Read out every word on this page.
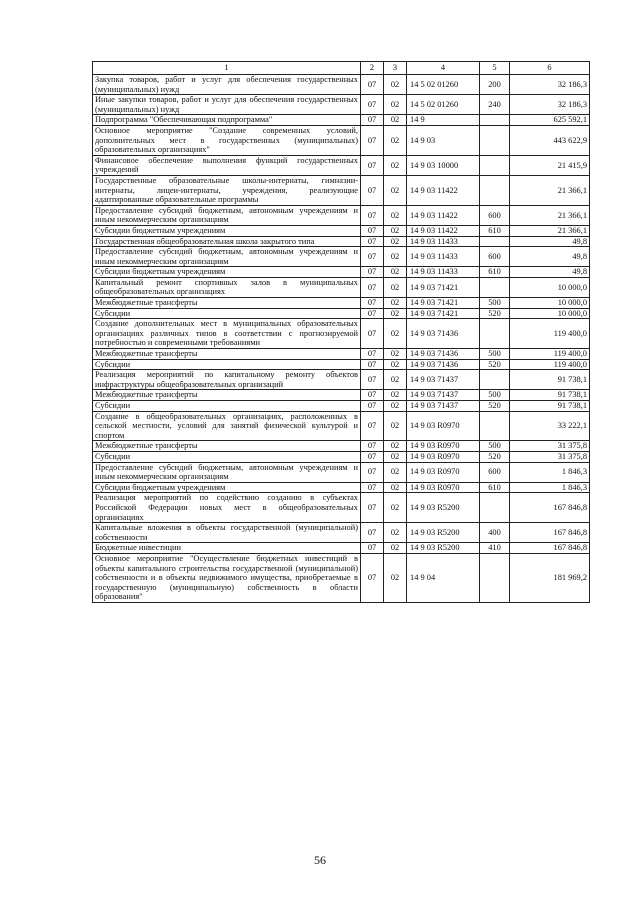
1	2	3	4	5	6
Закупка товаров, работ и услуг для обеспечения государственных (муниципальных) нужд	07	02	14 5 02 01260	200	32 186,3
Иные закупки товаров, работ и услуг для обеспечения государственных (муниципальных) нужд	07	02	14 5 02 01260	240	32 186,3
Подпрограмма "Обеспечивающая подпрограмма"	07	02	14 9		625 592,1
Основное мероприятие "Создание современных условий, дополнительных мест в государственных (муниципальных) образовательных организациях"	07	02	14 9 03		443 622,9
Финансовое обеспечение выполнения функций государственных учреждений	07	02	14 9 03 10000		21 415,9
Государственные образовательные школы-интернаты, гимназии-интернаты, лицеи-интернаты, учреждения, реализующие адаптированные образовательные программы	07	02	14 9 03 11422		21 366,1
Предоставление субсидий бюджетным, автономным учреждениям и иным некоммерческим организациям	07	02	14 9 03 11422	600	21 366,1
Субсидии бюджетным учреждениям	07	02	14 9 03 11422	610	21 366,1
Государственная общеобразовательная школа закрытого типа	07	02	14 9 03 11433		49,8
Предоставление субсидий бюджетным, автономным учреждениям и иным некоммерческим организациям	07	02	14 9 03 11433	600	49,8
Субсидии бюджетным учреждениям	07	02	14 9 03 11433	610	49,8
Капитальный ремонт спортивных залов в муниципальных общеобразовательных организациях	07	02	14 9 03 71421		10 000,0
Межбюджетные трансферты	07	02	14 9 03 71421	500	10 000,0
Субсидии	07	02	14 9 03 71421	520	10 000,0
Создание дополнительных мест в муниципальных образовательных организациях различных типов в соответствии с прогнозируемой потребностью и современными требованиями	07	02	14 9 03 71436		119 400,0
Межбюджетные трансферты	07	02	14 9 03 71436	500	119 400,0
Субсидии	07	02	14 9 03 71436	520	119 400,0
Реализация мероприятий по капитальному ремонту объектов инфраструктуры общеобразовательных организаций	07	02	14 9 03 71437		91 738,1
Межбюджетные трансферты	07	02	14 9 03 71437	500	91 738,1
Субсидии	07	02	14 9 03 71437	520	91 738,1
Создание в общеобразовательных организациях, расположенных в сельской местности, условий для занятий физической культурой и спортом	07	02	14 9 03 R0970		33 222,1
Межбюджетные трансферты	07	02	14 9 03 R0970	500	31 375,8
Субсидии	07	02	14 9 03 R0970	520	31 375,8
Предоставление субсидий бюджетным, автономным учреждениям и иным некоммерческим организациям	07	02	14 9 03 R0970	600	1 846,3
Субсидии бюджетным учреждениям	07	02	14 9 03 R0970	610	1 846,3
Реализация мероприятий по содействию созданию в субъектах Российской Федерации новых мест в общеобразовательных организациях	07	02	14 9 03 R5200		167 846,8
Капитальные вложения в объекты государственной (муниципальной) собственности	07	02	14 9 03 R5200	400	167 846,8
Бюджетные инвестиции	07	02	14 9 03 R5200	410	167 846,8
Основное мероприятие "Осуществление бюджетных инвестиций в объекты капитального строительства государственной (муниципальной) собственности и в объекты недвижимого имущества, приобретаемые в государственную (муниципальную) собственность в области образования"	07	02	14 9 04		181 969,2
56
